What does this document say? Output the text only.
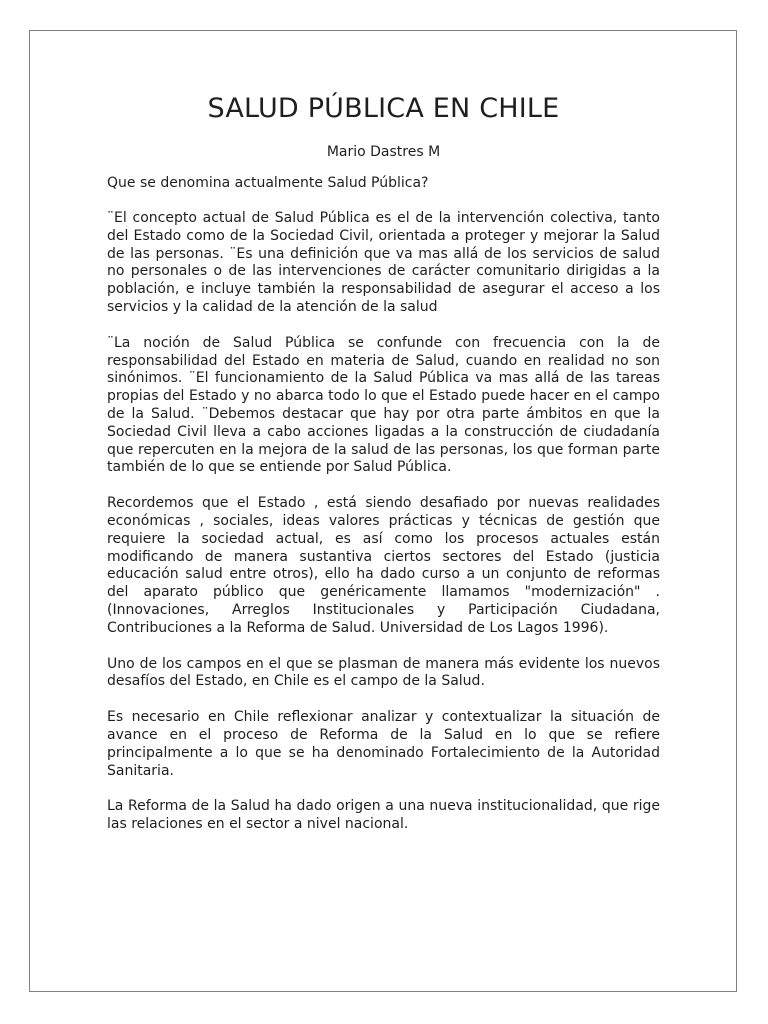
SALUD PÚBLICA EN CHILE

Mario Dastres M

Que se denomina actualmente Salud Pública?

¨El concepto actual de Salud Pública es el de la intervención colectiva, tanto del Estado como de la Sociedad Civil, orientada a proteger y mejorar la Salud de las personas. ¨Es una definición que va mas allá de los servicios de salud no personales o de las intervenciones de carácter comunitario dirigidas a la población, e incluye también la responsabilidad de asegurar el acceso a los servicios y la calidad de la atención de la salud

¨La noción de Salud Pública se confunde con frecuencia con la de responsabilidad del Estado en materia de Salud, cuando en realidad no son sinónimos. ¨El funcionamiento de la Salud Pública va mas allá de las tareas propias del Estado y no abarca todo lo que el Estado puede hacer en el campo de la Salud. ¨Debemos destacar que hay por otra parte ámbitos en que la Sociedad Civil lleva a cabo acciones ligadas a la construcción de ciudadanía que repercuten en la mejora de la salud de las personas, los que forman parte también de lo que se entiende por Salud Pública.

Recordemos que el Estado , está siendo desafiado por nuevas realidades económicas , sociales, ideas valores prácticas y técnicas de gestión que requiere la sociedad actual, es así como los procesos actuales están modificando de manera sustantiva ciertos sectores del Estado (justicia educación salud entre otros), ello ha dado curso a un conjunto de reformas del aparato público que genéricamente llamamos "modernización" . (Innovaciones, Arreglos Institucionales y Participación Ciudadana, Contribuciones a la Reforma de Salud. Universidad de Los Lagos 1996).

Uno de los campos en el que se plasman de manera más evidente los nuevos desafíos del Estado, en Chile es el campo de la Salud.

Es necesario en Chile reflexionar analizar y contextualizar la situación de avance en el proceso de Reforma de la Salud en lo que se refiere principalmente a lo que se ha denominado Fortalecimiento de la Autoridad Sanitaria.

La Reforma de la Salud ha dado origen a una nueva institucionalidad, que rige las relaciones en el sector a nivel nacional.
